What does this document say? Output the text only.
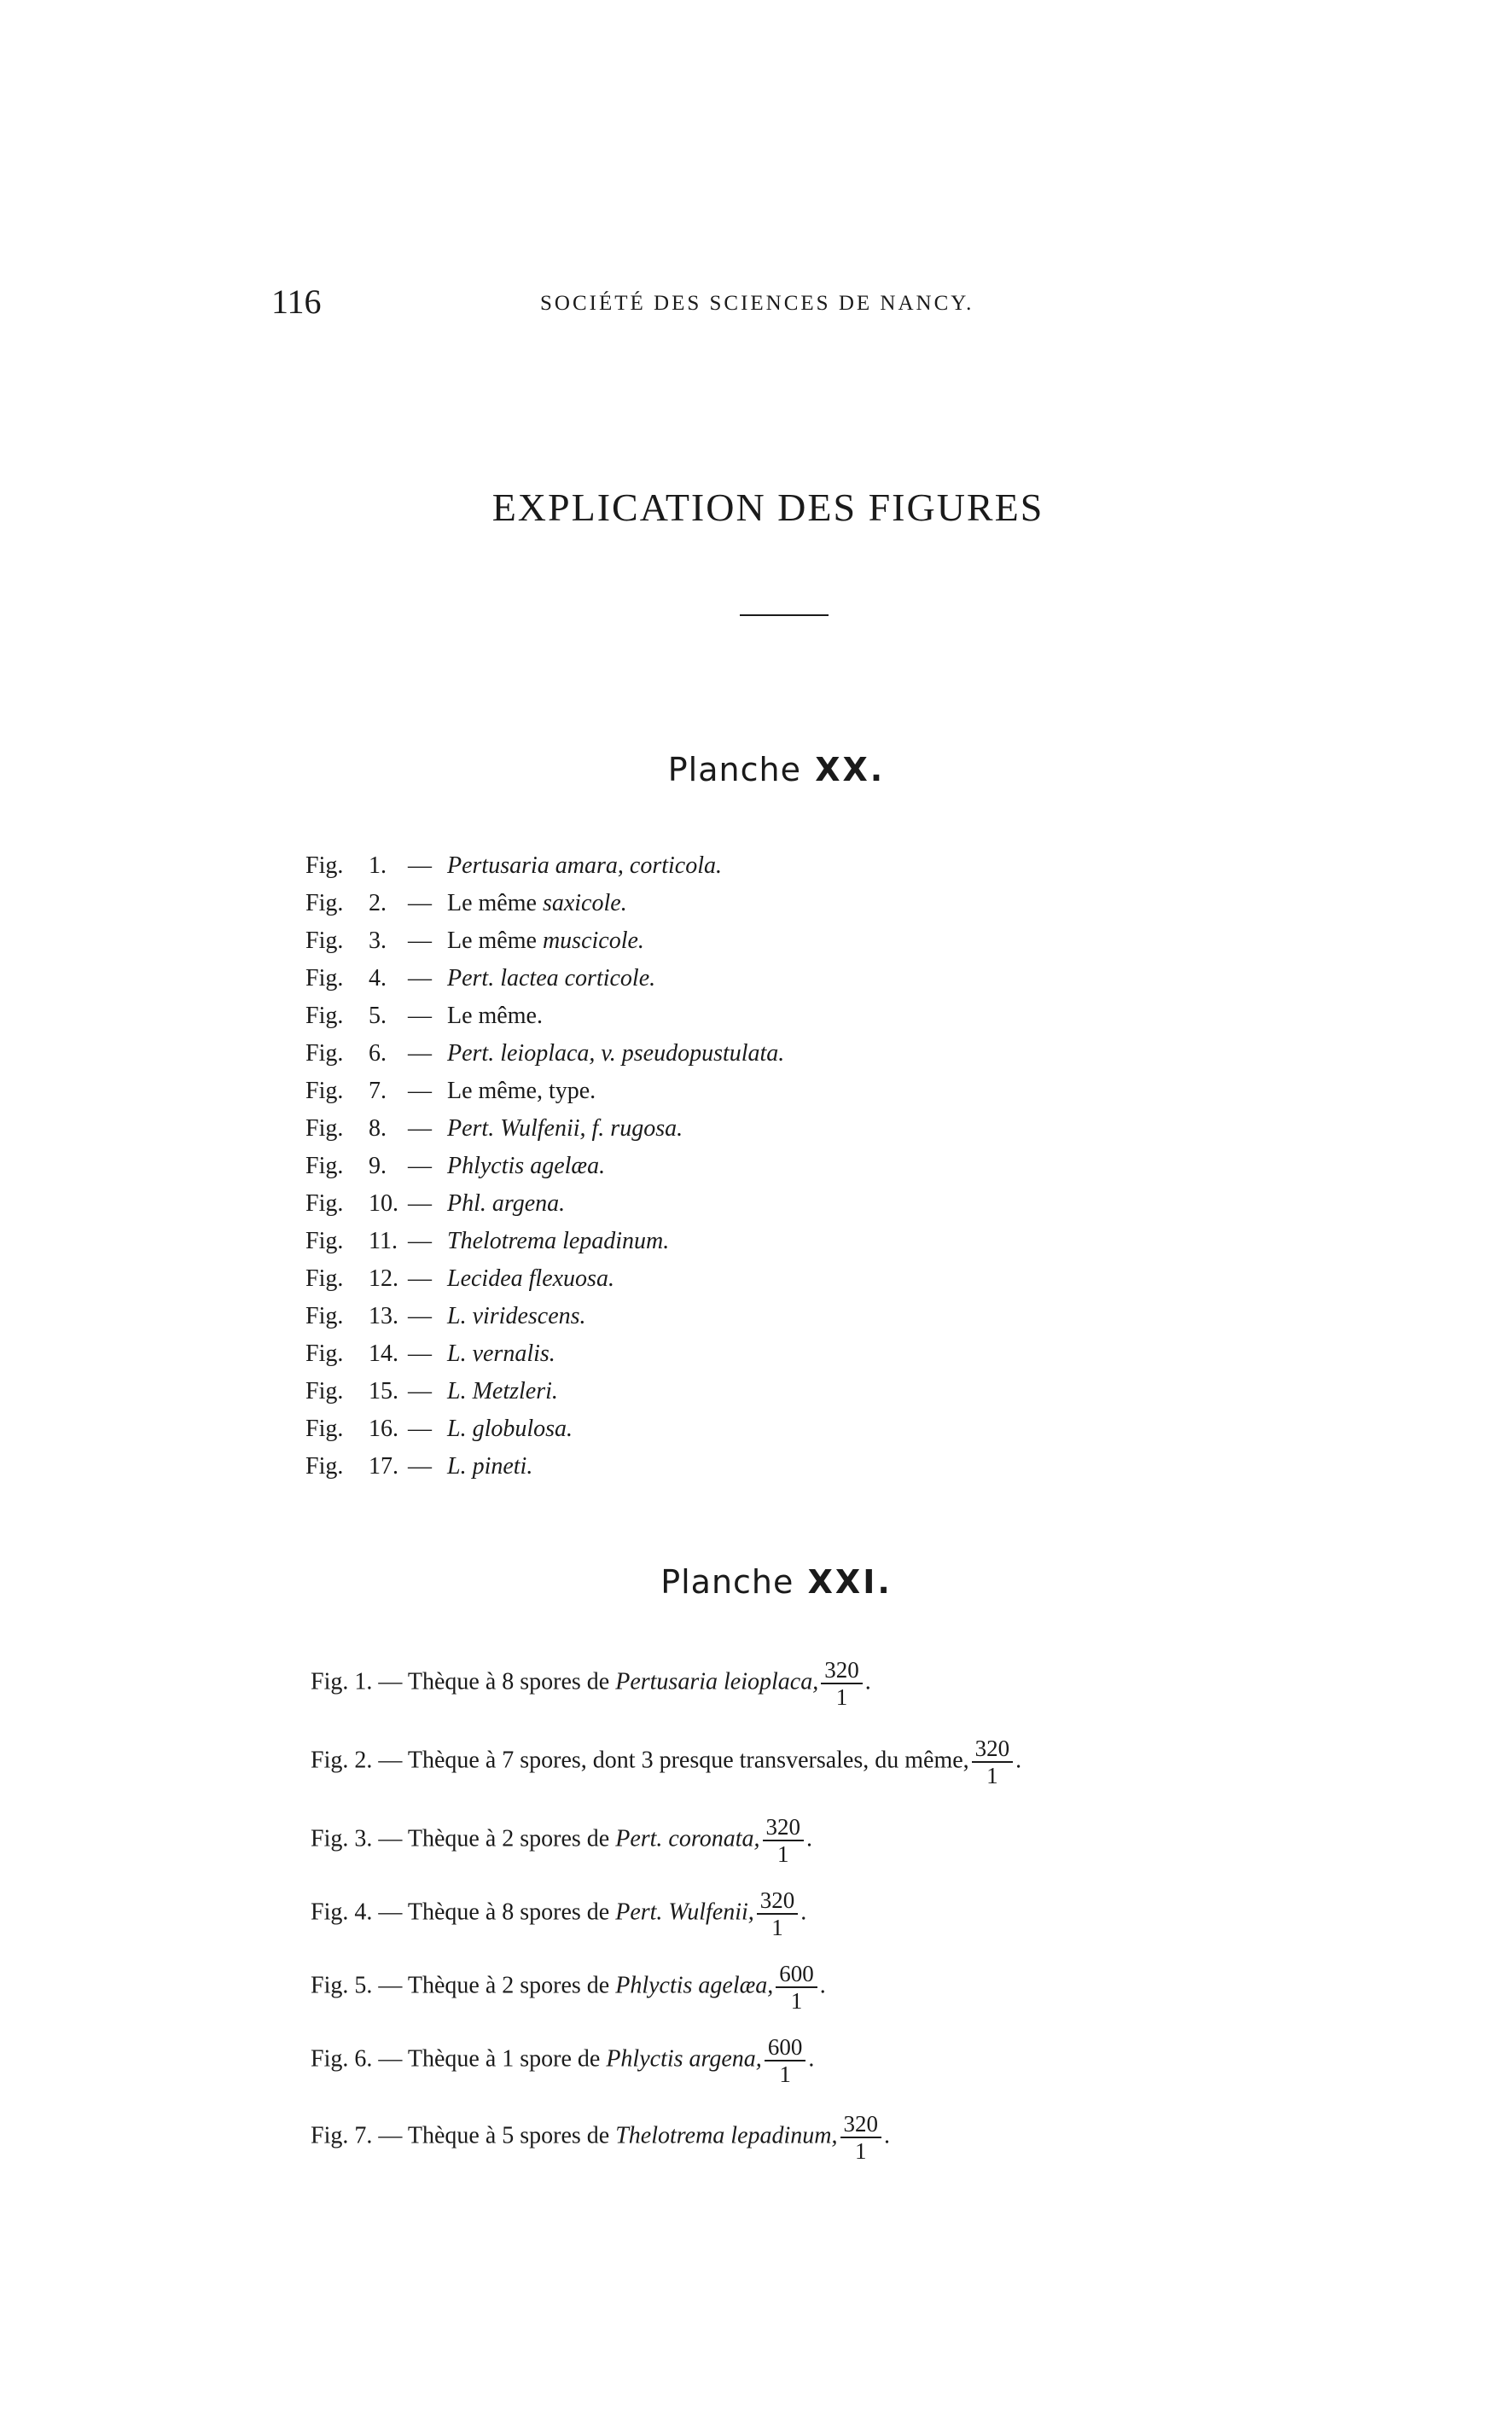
116	SOCIÉTÉ DES SCIENCES DE NANCY.
EXPLICATION DES FIGURES
Planche XX.
Fig. 1. — Pertusaria amara, corticola.
Fig. 2. — Le même saxicole.
Fig. 3. — Le même muscicole.
Fig. 4. — Pert. lactea corticole.
Fig. 5. — Le même.
Fig. 6. — Pert. leioplaca, v. pseudopustulata.
Fig. 7. — Le même, type.
Fig. 8. — Pert. Wulfenii, f. rugosa.
Fig. 9. — Phlyctis agelæa.
Fig. 10. — Phl. argena.
Fig. 11. — Thelotrema lepadinum.
Fig. 12. — Lecidea flexuosa.
Fig. 13. — L. viridescens.
Fig. 14. — L. vernalis.
Fig. 15. — L. Metzleri.
Fig. 16. — L. globulosa.
Fig. 17. — L. pineti.
Planche XXI.
Fig. 1. — Thèque à 8 spores de Pertusaria leioplaca, $\frac{320}{1}$ .
Fig. 2. — Thèque à 7 spores, dont 3 presque transversales, du même, $\frac{320}{1}$ .
Fig. 3. — Thèque à 2 spores de Pert. coronata, $\frac{320}{1}$ .
Fig. 4. — Thèque à 8 spores de Pert. Wulfenii, $\frac{320}{1}$ .
Fig. 5. — Thèque à 2 spores de Phlyctis agelæa, $\frac{600}{1}$ .
Fig. 6. — Thèque à 1 spore de Phlyctis argena, $\frac{600}{1}$ .
Fig. 7. — Thèque à 5 spores de Thelotrema lepadinum, $\frac{320}{1}$ .
